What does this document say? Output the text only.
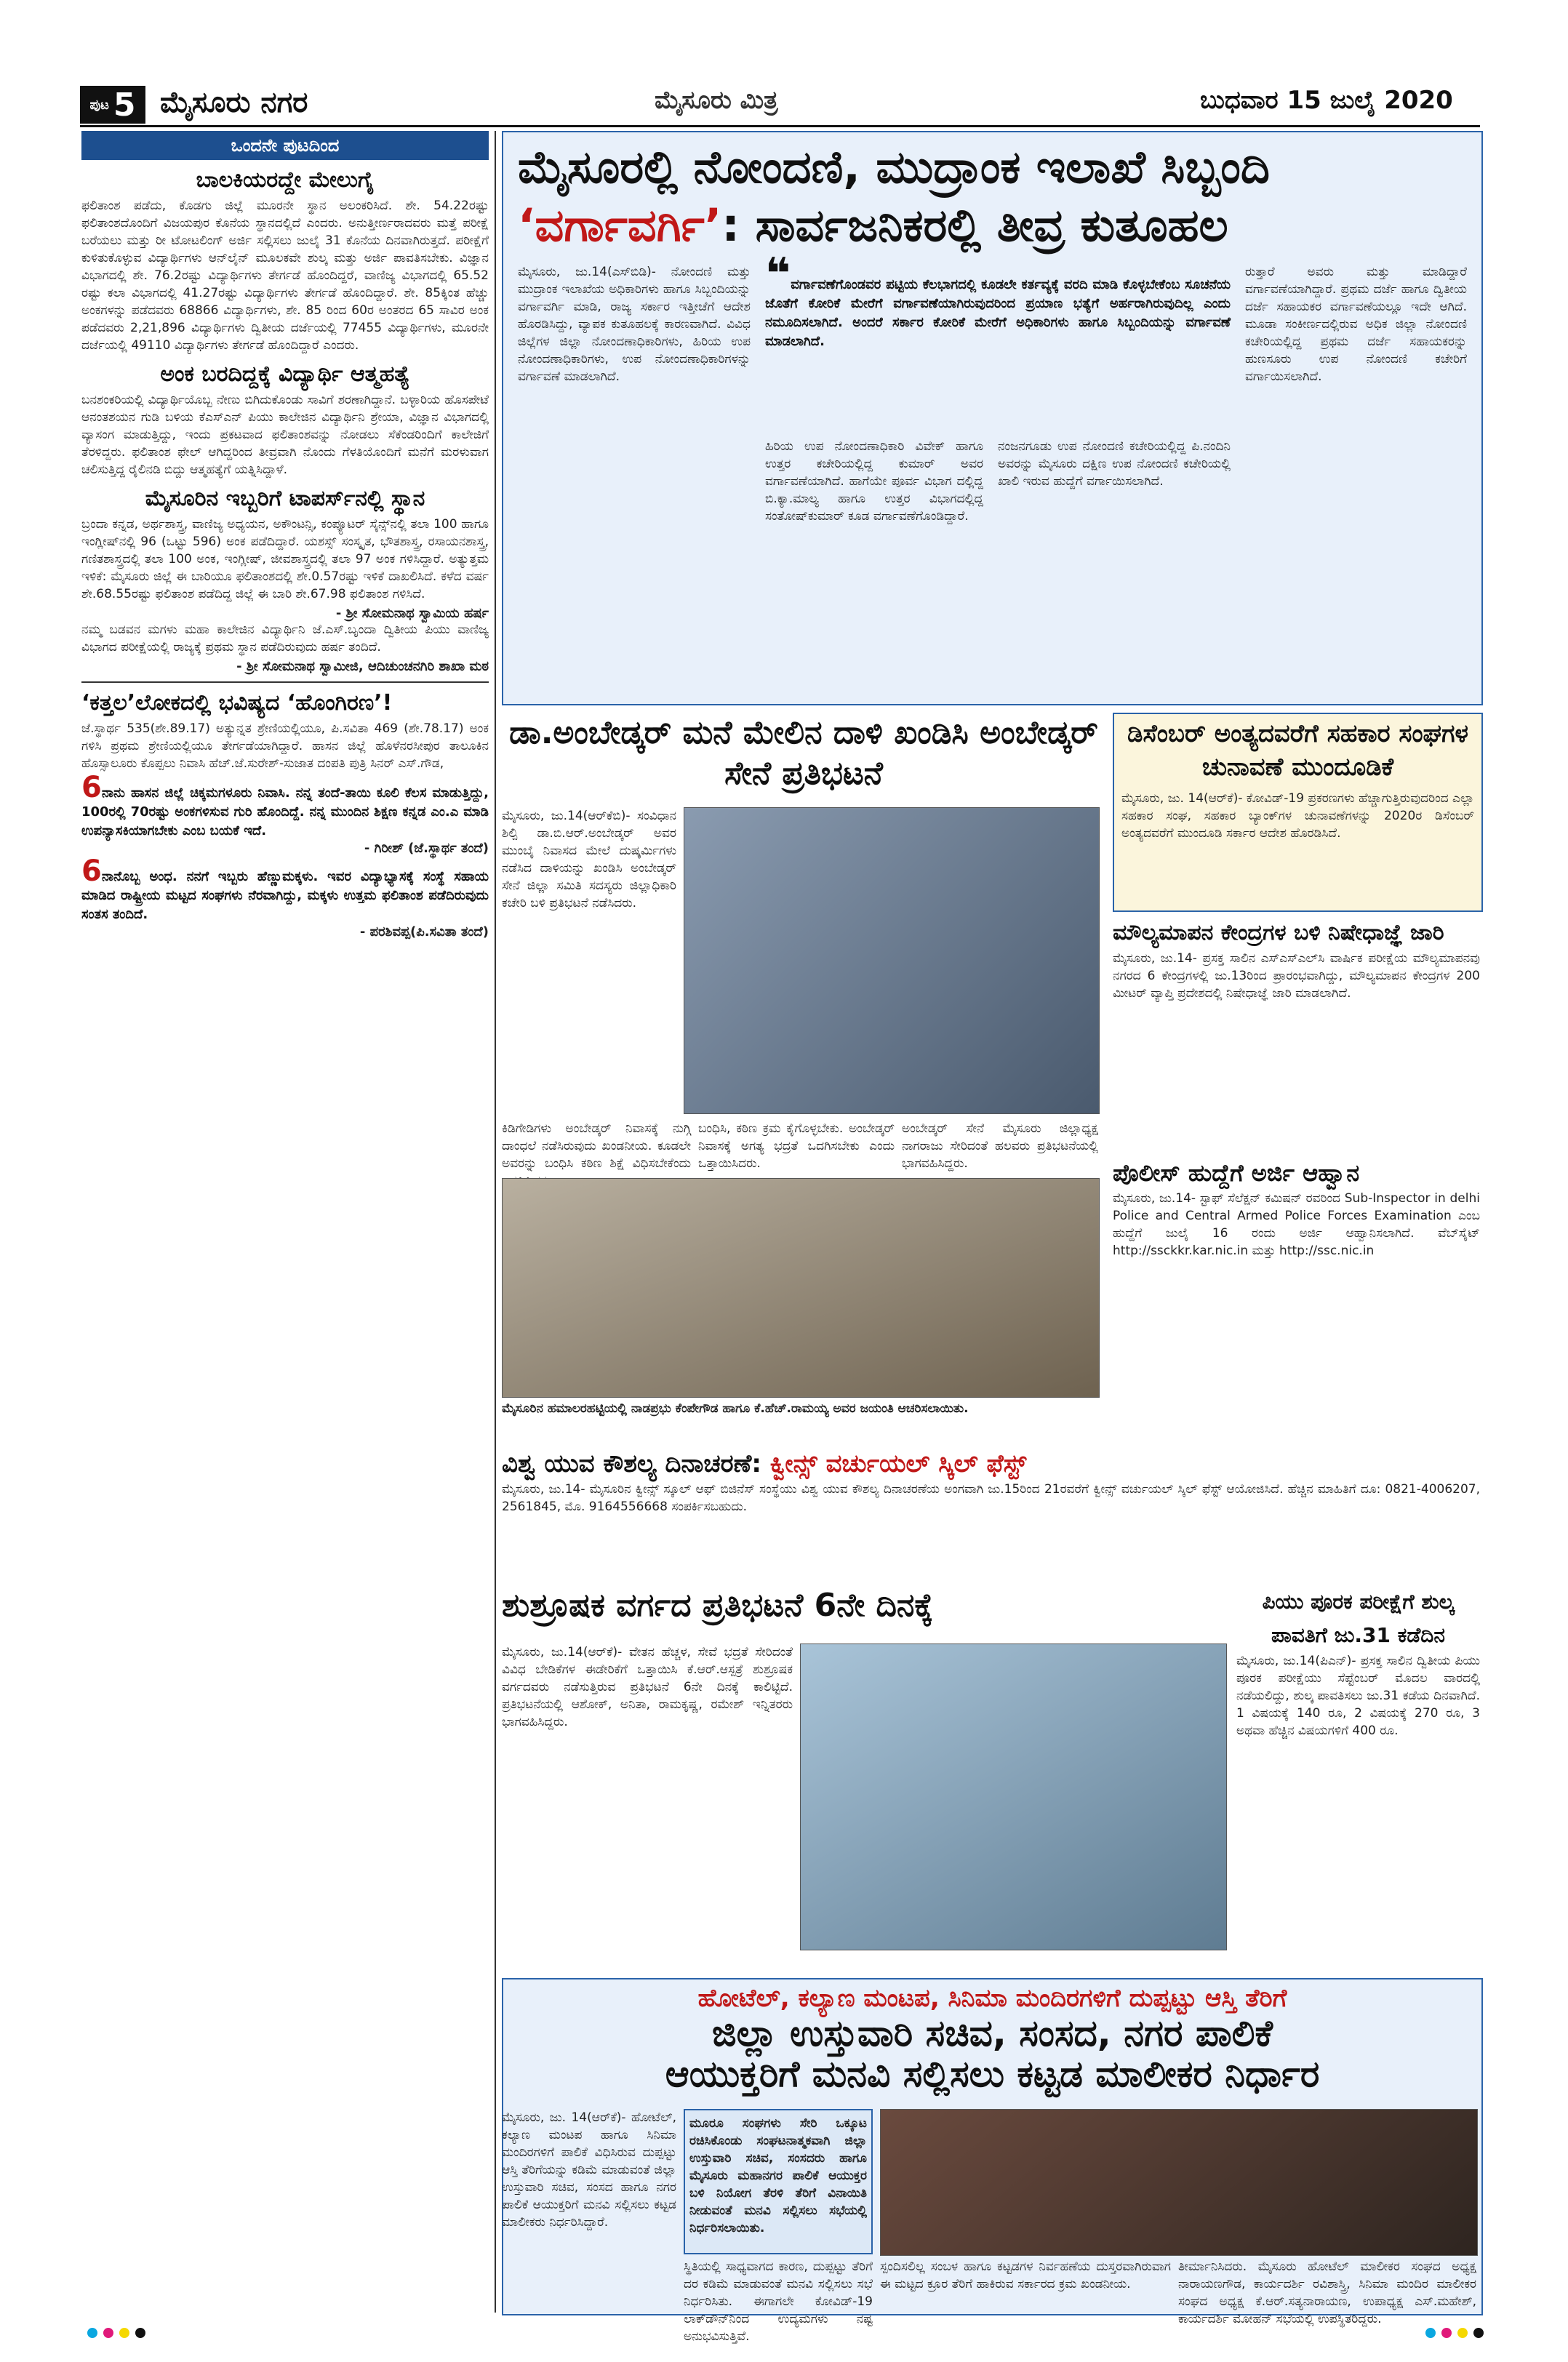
ಪುಟ 5 ಮೈಸೂರು ನಗರ	ಮೈಸೂರು ಮಿತ್ರ	ಬುಧವಾರ 15 ಜುಲೈ 2020
ಒಂದನೇ ಪುಟದಿಂದ
ಬಾಲಕಿಯರದ್ದೇ ಮೇಲುಗೈ

ಫಲಿತಾಂಶ ಪಡೆದು, ಕೊಡಗು ಜಿಲ್ಲೆ ಮೂರನೇ ಸ್ಥಾನ ಅಲಂಕರಿಸಿದೆ. ಶೇ. 54.22ರಷ್ಟು ಫಲಿತಾಂಶದೊಂದಿಗೆ ವಿಜಯಪುರ ಕೊನೆಯ ಸ್ಥಾನದಲ್ಲಿದೆ ಎಂದರು. ಅನುತ್ತೀರ್ಣರಾದವರು ಮತ್ತೆ ಪರೀಕ್ಷೆ ಬರೆಯಲು ಮತ್ತು ರೀ ಟೋಟಲಿಂಗ್ ಅರ್ಜಿ ಸಲ್ಲಿಸಲು ಜುಲೈ 31 ಕೊನೆಯ ದಿನವಾಗಿರುತ್ತದೆ. ಪರೀಕ್ಷೆಗೆ ಕುಳಿತುಕೊಳ್ಳುವ ವಿದ್ಯಾರ್ಥಿಗಳು ಆನ್‌ಲೈನ್ ಮೂಲಕವೇ ಶುಲ್ಕ ಮತ್ತು ಅರ್ಜಿ ಪಾವತಿಸಬೇಕು. ವಿಜ್ಞಾನ ವಿಭಾಗದಲ್ಲಿ ಶೇ. 76.2ರಷ್ಟು ವಿದ್ಯಾರ್ಥಿಗಳು ತೇರ್ಗಡೆ ಹೊಂದಿದ್ದರೆ, ವಾಣಿಜ್ಯ ವಿಭಾಗದಲ್ಲಿ 65.52 ರಷ್ಟು ಕಲಾ ವಿಭಾಗದಲ್ಲಿ 41.27ರಷ್ಟು ವಿದ್ಯಾರ್ಥಿಗಳು ತೇರ್ಗಡೆ ಹೊಂದಿದ್ದಾರೆ. ಶೇ. 85ಕ್ಕಿಂತ ಹೆಚ್ಚು ಅಂಕಗಳನ್ನು ಪಡೆದವರು 68866 ವಿದ್ಯಾರ್ಥಿಗಳು, ಶೇ. 85 ರಿಂದ 60ರ ಅಂತರದ 65 ಸಾವಿರ ಅಂಕ ಪಡೆದವರು 2,21,896 ವಿದ್ಯಾರ್ಥಿಗಳು ದ್ವಿತೀಯ ದರ್ಜೆಯಲ್ಲಿ 77455 ವಿದ್ಯಾರ್ಥಿಗಳು, ಮೂರನೇ ದರ್ಜೆಯಲ್ಲಿ 49110 ವಿದ್ಯಾರ್ಥಿಗಳು ತೇರ್ಗಡೆ ಹೊಂದಿದ್ದಾರೆ ಎಂದರು.

ಅಂಕ ಬರದಿದ್ದಕ್ಕೆ ವಿದ್ಯಾರ್ಥಿ ಆತ್ಮಹತ್ಯೆ

ಬನಶಂಕರಿಯಲ್ಲಿ ವಿದ್ಯಾರ್ಥಿಯೊಬ್ಬ ನೇಣು ಬಿಗಿದುಕೊಂಡು ಸಾವಿಗೆ ಶರಣಾಗಿದ್ದಾನೆ. ಬಳ್ಳಾರಿಯ ಹೊಸಪೇಟೆ ಆನಂತಶಯನ ಗುಡಿ ಬಳಿಯ ಕೆಎಸ್‌ಎನ್ ಪಿಯು ಕಾಲೇಜಿನ ವಿದ್ಯಾರ್ಥಿನಿ ಶ್ರೇಯಾ, ವಿಜ್ಞಾನ ವಿಭಾಗದಲ್ಲಿ ವ್ಯಾಸಂಗ ಮಾಡುತ್ತಿದ್ದು, ಇಂದು ಪ್ರಕಟವಾದ ಫಲಿತಾಂಶವನ್ನು ನೋಡಲು ಸೆಕೆಂಡರಿಂದಿಗೆ ಕಾಲೇಜಿಗೆ ತೆರಳಿದ್ದರು. ಫಲಿತಾಂಶ ಫೇಲ್ ಆಗಿದ್ದರಿಂದ ತೀವ್ರವಾಗಿ ನೊಂದು ಗೆಳತಿಯೊಂದಿಗೆ ಮನೆಗೆ ಮರಳುವಾಗ ಚಲಿಸುತ್ತಿದ್ದ ರೈಲಿನಡಿ ಬಿದ್ದು ಆತ್ಮಹತ್ಯೆಗೆ ಯತ್ನಿಸಿದ್ದಾಳೆ.

ಮೈಸೂರಿನ ಇಬ್ಬರಿಗೆ ಟಾಪರ್ಸ್‌ನಲ್ಲಿ ಸ್ಥಾನ

ಬ್ರಂದಾ ಕನ್ನಡ, ಅರ್ಥಶಾಸ್ತ್ರ, ವಾಣಿಜ್ಯ ಅಧ್ಯಯನ, ಅಕೌಂಟನ್ಸಿ, ಕಂಪ್ಯೂಟರ್ ಸೈನ್ಸ್‌ನಲ್ಲಿ ತಲಾ 100 ಹಾಗೂ ಇಂಗ್ಲೀಷ್‌ನಲ್ಲಿ 96 (ಒಟ್ಟು 596) ಅಂಕ ಪಡೆದಿದ್ದಾರೆ. ಯಶಸ್ಸ್ ಸಂಸ್ಕೃತ, ಭೌತಶಾಸ್ತ್ರ, ರಸಾಯನಶಾಸ್ತ್ರ, ಗಣಿತಶಾಸ್ತ್ರದಲ್ಲಿ ತಲಾ 100 ಅಂಕ, ಇಂಗ್ಲೀಷ್, ಜೀವಶಾಸ್ತ್ರದಲ್ಲಿ ತಲಾ 97 ಅಂಕ ಗಳಿಸಿದ್ದಾರೆ. ಅತ್ಯುತ್ತಮ ಇಳಿಕೆ: ಮೈಸೂರು ಜಿಲ್ಲೆ ಈ ಬಾರಿಯೂ ಫಲಿತಾಂಶದಲ್ಲಿ ಶೇ.0.57ರಷ್ಟು ಇಳಿಕೆ ದಾಖಲಿಸಿದೆ. ಕಳೆದ ವರ್ಷ ಶೇ.68.55ರಷ್ಟು ಫಲಿತಾಂಶ ಪಡೆದಿದ್ದ ಜಿಲ್ಲೆ ಈ ಬಾರಿ ಶೇ.67.98 ಫಲಿತಾಂಶ ಗಳಿಸಿದೆ.

- ಶ್ರೀ ಸೋಮನಾಥ ಸ್ವಾಮಿಯ ಹರ್ಷ

ನಮ್ಮ ಬಡವನ ಮಗಳು ಮಹಾ ಕಾಲೇಜಿನ ವಿದ್ಯಾರ್ಥಿನಿ ಜೆ.ಎಸ್.ಬೃಂದಾ ದ್ವಿತೀಯ ಪಿಯು ವಾಣಿಜ್ಯ ವಿಭಾಗದ ಪರೀಕ್ಷೆಯಲ್ಲಿ ರಾಜ್ಯಕ್ಕೆ ಪ್ರಥಮ ಸ್ಥಾನ ಪಡೆದಿರುವುದು ಹರ್ಷ ತಂದಿದೆ.

- ಶ್ರೀ ಸೋಮನಾಥ ಸ್ವಾಮೀಜಿ, ಆದಿಚುಂಚನಗಿರಿ ಶಾಖಾ ಮಠ
‘ಕತ್ತಲ’ಲೋಕದಲ್ಲಿ ಭವಿಷ್ಯದ ‘ಹೊಂಗಿರಣ’!

ಜೆ.ಸ್ಥಾರ್ಥ 535(ಶೇ.89.17) ಅತ್ಯುನ್ನತ ಶ್ರೇಣಿಯಲ್ಲಿಯೂ, ಪಿ.ಸವಿತಾ 469 (ಶೇ.78.17) ಅಂಕ ಗಳಿಸಿ ಪ್ರಥಮ ಶ್ರೇಣಿಯಲ್ಲಿಯೂ ತೇರ್ಗಡೆಯಾಗಿದ್ದಾರೆ. ಹಾಸನ ಜಿಲ್ಲೆ ಹೊಳೆನರಸೀಪುರ ತಾಲೂಕಿನ ಹೊಸ್ಸಾಲೂರು ಕೊಪ್ಪಲು ನಿವಾಸಿ ಹೆಚ್.ಜೆ.ಸುರೇಶ್-ಸುಜಾತ ದಂಪತಿ ಪುತ್ರಿ ಸಿನರ್ ಎಸ್.ಗೌಡ,

6ನಾನು ಹಾಸನ ಜಿಲ್ಲೆ ಚಿಕ್ಕಮಗಳೂರು ನಿವಾಸಿ. ನನ್ನ ತಂದೆ-ತಾಯಿ ಕೂಲಿ ಕೆಲಸ ಮಾಡುತ್ತಿದ್ದು, 100ರಲ್ಲಿ 70ರಷ್ಟು ಅಂಕಗಳಿಸುವ ಗುರಿ ಹೊಂದಿದ್ದೆ. ನನ್ನ ಮುಂದಿನ ಶಿಕ್ಷಣ ಕನ್ನಡ ಎಂ.ಎ ಮಾಡಿ ಉಪನ್ಯಾಸಕಿಯಾಗಬೇಕು ಎಂಬ ಬಯಕೆ ಇದೆ.
- ಗಿರೀಶ್ (ಜೆ.ಸ್ಥಾರ್ಥ ತಂದೆ)
6ನಾನೊಬ್ಬ ಅಂಧ. ನನಗೆ ಇಬ್ಬರು ಹೆಣ್ಣುಮಕ್ಕಳು. ಇವರ ವಿದ್ಯಾಭ್ಯಾಸಕ್ಕೆ ಸಂಸ್ಥೆ ಸಹಾಯ ಮಾಡಿದ ರಾಷ್ಟ್ರೀಯ ಮಟ್ಟದ ಸಂಘಗಳು ನೆರವಾಗಿದ್ದು, ಮಕ್ಕಳು ಉತ್ತಮ ಫಲಿತಾಂಶ ಪಡೆದಿರುವುದು ಸಂತಸ ತಂದಿದೆ.
- ಪರಶಿವಪ್ಪ(ಪಿ.ಸವಿತಾ ತಂದೆ)
ಮೈಸೂರಲ್ಲಿ ನೋಂದಣಿ, ಮುದ್ರಾಂಕ ಇಲಾಖೆ ಸಿಬ್ಬಂದಿ
‘ವರ್ಗಾವರ್ಗಿ’: ಸಾರ್ವಜನಿಕರಲ್ಲಿ ತೀವ್ರ ಕುತೂಹಲ
ಮೈಸೂರು, ಜು.14(ಎಸ್‌ಬಿಡಿ)- ನೋಂದಣಿ ಮತ್ತು ಮುದ್ರಾಂಕ ಇಲಾಖೆಯ ಅಧಿಕಾರಿಗಳು ಹಾಗೂ ಸಿಬ್ಬಂದಿಯನ್ನು ವರ್ಗಾವರ್ಗಿ ಮಾಡಿ, ರಾಜ್ಯ ಸರ್ಕಾರ ಇತ್ತೀಚೆಗೆ ಆದೇಶ ಹೊರಡಿಸಿದ್ದು, ವ್ಯಾಪಕ ಕುತೂಹಲಕ್ಕೆ ಕಾರಣವಾಗಿದೆ. ವಿವಿಧ ಜಿಲ್ಲೆಗಳ ಜಿಲ್ಲಾ ನೋಂದಣಾಧಿಕಾರಿಗಳು, ಹಿರಿಯ ಉಪ ನೋಂದಣಾಧಿಕಾರಿಗಳು, ಉಪ ನೋಂದಣಾಧಿಕಾರಿಗಳನ್ನು ವರ್ಗಾವಣೆ ಮಾಡಲಾಗಿದೆ.
❝ವರ್ಗಾವಣೆಗೊಂಡವರ ಪಟ್ಟಿಯ ಕೆಲಭಾಗದಲ್ಲಿ ಕೂಡಲೇ ಕರ್ತವ್ಯಕ್ಕೆ ವರದಿ ಮಾಡಿ ಕೊಳ್ಳಬೇಕೆಂಬ ಸೂಚನೆಯ ಜೊತೆಗೆ ಕೋರಿಕೆ ಮೇರೆಗೆ ವರ್ಗಾವಣೆಯಾಗಿರುವುದರಿಂದ ಪ್ರಯಾಣ ಭತ್ಯೆಗೆ ಅರ್ಹರಾಗಿರುವುದಿಲ್ಲ ಎಂದು ನಮೂದಿಸಲಾಗಿದೆ. ಅಂದರೆ ಸರ್ಕಾರ ಕೋರಿಕೆ ಮೇರೆಗೆ ಅಧಿಕಾರಿಗಳು ಹಾಗೂ ಸಿಬ್ಬಂದಿಯನ್ನು ವರ್ಗಾವಣೆ ಮಾಡಲಾಗಿದೆ.
ಹಿರಿಯ ಉಪ ನೋಂದಣಾಧಿಕಾರಿ ವಿವೇಕ್ ಹಾಗೂ ಉತ್ತರ ಕಚೇರಿಯಲ್ಲಿದ್ದ ಕುಮಾರ್ ಅವರ ವರ್ಗಾವಣೆಯಾಗಿದೆ. ಹಾಗೆಯೇ ಪೂರ್ವ ವಿಭಾಗ ದಲ್ಲಿದ್ದ ಬಿ.ಕ್ಯಾ.ಮಾಲ್ಯ ಹಾಗೂ ಉತ್ತರ ವಿಭಾಗದಲ್ಲಿದ್ದ ಸಂತೋಷ್‌ಕುಮಾರ್ ಕೂಡ ವರ್ಗಾವಣೆಗೊಂಡಿದ್ದಾರೆ.
ನಂಜನಗೂಡು ಉಪ ನೋಂದಣಿ ಕಚೇರಿಯಲ್ಲಿದ್ದ ಪಿ.ನಂದಿನಿ ಅವರನ್ನು ಮೈಸೂರು ದಕ್ಷಿಣ ಉಪ ನೋಂದಣಿ ಕಚೇರಿಯಲ್ಲಿ ಖಾಲಿ ಇರುವ ಹುದ್ದೆಗೆ ವರ್ಗಾಯಿಸಲಾಗಿದೆ.
ರುತ್ತಾರೆ ಅವರು ಮತ್ತು ಮಾಡಿದ್ದಾರೆ ವರ್ಗಾವಣೆಯಾಗಿದ್ದಾರೆ. ಪ್ರಥಮ ದರ್ಜೆ ಹಾಗೂ ದ್ವಿತೀಯ ದರ್ಜೆ ಸಹಾಯಕರ ವರ್ಗಾವಣೆಯಲ್ಲೂ ಇದೇ ಆಗಿದೆ. ಮೂಡಾ ಸಂಕೀರ್ಣದಲ್ಲಿರುವ ಅಧಿಕ ಜಿಲ್ಲಾ ನೋಂದಣಿ ಕಚೇರಿಯಲ್ಲಿದ್ದ ಪ್ರಥಮ ದರ್ಜೆ ಸಹಾಯಕರನ್ನು ಹುಣಸೂರು ಉಪ ನೋಂದಣಿ ಕಚೇರಿಗೆ ವರ್ಗಾಯಿಸಲಾಗಿದೆ.
ಡಾ.ಅಂಬೇಡ್ಕರ್ ಮನೆ ಮೇಲಿನ ದಾಳಿ ಖಂಡಿಸಿ ಅಂಬೇಡ್ಕರ್ ಸೇನೆ ಪ್ರತಿಭಟನೆ
ಮೈಸೂರು, ಜು.14(ಆರ್‌ಕೆಬಿ)- ಸಂವಿಧಾನ ಶಿಲ್ಪಿ ಡಾ.ಬಿ.ಆರ್.ಅಂಬೇಡ್ಕರ್ ಅವರ ಮುಂಬೈ ನಿವಾಸದ ಮೇಲೆ ದುಷ್ಕರ್ಮಿಗಳು ನಡೆಸಿದ ದಾಳಿಯನ್ನು ಖಂಡಿಸಿ ಅಂಬೇಡ್ಕರ್ ಸೇನೆ ಜಿಲ್ಲಾ ಸಮಿತಿ ಸದಸ್ಯರು ಜಿಲ್ಲಾಧಿಕಾರಿ ಕಚೇರಿ ಬಳಿ ಪ್ರತಿಭಟನೆ ನಡೆಸಿದರು.
ಕಿಡಿಗೇಡಿಗಳು ಅಂಬೇಡ್ಕರ್ ನಿವಾಸಕ್ಕೆ ನುಗ್ಗಿ ದಾಂಧಲೆ ನಡೆಸಿರುವುದು ಖಂಡನೀಯ. ಕೂಡಲೇ ಅವರನ್ನು ಬಂಧಿಸಿ ಕಠಿಣ ಶಿಕ್ಷೆ ವಿಧಿಸಬೇಕೆಂದು
ಬಂಧಿಸಿ, ಕಠಿಣ ಕ್ರಮ ಕೈಗೊಳ್ಳಬೇಕು. ಅಂಬೇಡ್ಕರ್ ನಿವಾಸಕ್ಕೆ ಅಗತ್ಯ ಭದ್ರತೆ ಒದಗಿಸಬೇಕು ಎಂದು ಒತ್ತಾಯಿಸಿದರು.
ಅಂಬೇಡ್ಕರ್ ಸೇನೆ ಮೈಸೂರು ಜಿಲ್ಲಾಧ್ಯಕ್ಷ ನಾಗರಾಜು ಸೇರಿದಂತೆ ಹಲವರು ಪ್ರತಿಭಟನೆಯಲ್ಲಿ ಭಾಗವಹಿಸಿದ್ದರು.
ಮೈಸೂರಿನ ಹಮಾಲರಹಟ್ಟಿಯಲ್ಲಿ ನಾಡಪ್ರಭು ಕೆಂಪೇಗೌಡ ಹಾಗೂ ಕೆ.ಹೆಚ್.ರಾಮಯ್ಯ ಅವರ ಜಯಂತಿ ಆಚರಿಸಲಾಯಿತು.
ಡಿಸೆಂಬರ್ ಅಂತ್ಯದವರೆಗೆ ಸಹಕಾರ ಸಂಘಗಳ ಚುನಾವಣೆ ಮುಂದೂಡಿಕೆ
ಮೈಸೂರು, ಜು. 14(ಆರ್‌ಕೆ)- ಕೋವಿಡ್-19 ಪ್ರಕರಣಗಳು ಹೆಚ್ಚಾಗುತ್ತಿರುವುದರಿಂದ ಎಲ್ಲಾ ಸಹಕಾರ ಸಂಘ, ಸಹಕಾರ ಬ್ಯಾಂಕ್‌ಗಳ ಚುನಾವಣೆಗಳನ್ನು 2020ರ ಡಿಸೆಂಬರ್ ಅಂತ್ಯದವರೆಗೆ ಮುಂದೂಡಿ ಸರ್ಕಾರ ಆದೇಶ ಹೊರಡಿಸಿದೆ.
ಮೌಲ್ಯಮಾಪನ ಕೇಂದ್ರಗಳ ಬಳಿ ನಿಷೇಧಾಜ್ಞೆ ಜಾರಿ
ಮೈಸೂರು, ಜು.14- ಪ್ರಸಕ್ತ ಸಾಲಿನ ಎಸ್‌ಎಸ್‌ಎಲ್‌ಸಿ ವಾರ್ಷಿಕ ಪರೀಕ್ಷೆಯ ಮೌಲ್ಯಮಾಪನವು ನಗರದ 6 ಕೇಂದ್ರಗಳಲ್ಲಿ ಜು.13ರಿಂದ ಪ್ರಾರಂಭವಾಗಿದ್ದು, ಮೌಲ್ಯಮಾಪನ ಕೇಂದ್ರಗಳ 200 ಮೀಟರ್ ವ್ಯಾಪ್ತಿ ಪ್ರದೇಶದಲ್ಲಿ ನಿಷೇಧಾಜ್ಞೆ ಜಾರಿ ಮಾಡಲಾಗಿದೆ.
ಪೊಲೀಸ್ ಹುದ್ದೆಗೆ ಅರ್ಜಿ ಆಹ್ವಾನ
ಮೈಸೂರು, ಜು.14- ಸ್ಟಾಫ್ ಸೆಲೆಕ್ಷನ್ ಕಮಿಷನ್ ರವರಿಂದ Sub-Inspector in delhi Police and Central Armed Police Forces Examination ಎಂಬ ಹುದ್ದೆಗೆ ಜುಲೈ 16 ರಂದು ಅರ್ಜಿ ಆಹ್ವಾನಿಸಲಾಗಿದೆ. ವೆಬ್‌ಸೈಟ್ http://ssckkr.kar.nic.in ಮತ್ತು http://ssc.nic.in
ವಿಶ್ವ ಯುವ ಕೌಶಲ್ಯ ದಿನಾಚರಣೆ: ಕ್ವೀನ್ಸ್ ವರ್ಚುಯಲ್ ಸ್ಕಿಲ್ ಫೆಸ್ಟ್
ಮೈಸೂರು, ಜು.14- ಮೈಸೂರಿನ ಕ್ವೀನ್ಸ್ ಸ್ಕೂಲ್ ಆಫ್ ಬಿಜಿನೆಸ್ ಸಂಸ್ಥೆಯು ವಿಶ್ವ ಯುವ ಕೌಶಲ್ಯ ದಿನಾಚರಣೆಯ ಅಂಗವಾಗಿ ಜು.15ರಿಂದ 21ರವರೆಗೆ ಕ್ವೀನ್ಸ್ ವರ್ಚುಯಲ್ ಸ್ಕಿಲ್ ಫೆಸ್ಟ್ ಆಯೋಜಿಸಿದೆ. ಹೆಚ್ಚಿನ ಮಾಹಿತಿಗೆ ದೂ: 0821-4006207, 2561845, ಮೊ. 9164556668 ಸಂಪರ್ಕಿಸಬಹುದು.
ಶುಶ್ರೂಷಕ ವರ್ಗದ ಪ್ರತಿಭಟನೆ 6ನೇ ದಿನಕ್ಕೆ
ಮೈಸೂರು, ಜು.14(ಆರ್‌ಕೆ)- ವೇತನ ಹೆಚ್ಚಳ, ಸೇವೆ ಭದ್ರತೆ ಸೇರಿದಂತೆ ವಿವಿಧ ಬೇಡಿಕೆಗಳ ಈಡೇರಿಕೆಗೆ ಒತ್ತಾಯಿಸಿ ಕೆ.ಆರ್.ಆಸ್ಪತ್ರೆ ಶುಶ್ರೂಷಕ ವರ್ಗದವರು ನಡೆಸುತ್ತಿರುವ ಪ್ರತಿಭಟನೆ 6ನೇ ದಿನಕ್ಕೆ ಕಾಲಿಟ್ಟಿದೆ. ಪ್ರತಿಭಟನೆಯಲ್ಲಿ ಆಶೋಕ್, ಅನಿತಾ, ರಾಮಕೃಷ್ಣ, ರಮೇಶ್ ಇನ್ನಿತರರು ಭಾಗವಹಿಸಿದ್ದರು.
ಪಿಯು ಪೂರಕ ಪರೀಕ್ಷೆಗೆ ಶುಲ್ಕ ಪಾವತಿಗೆ ಜು.31 ಕಡೆದಿನ
ಮೈಸೂರು, ಜು.14(ಪಿಎನ್)- ಪ್ರಸಕ್ತ ಸಾಲಿನ ದ್ವಿತೀಯ ಪಿಯು ಪೂರಕ ಪರೀಕ್ಷೆಯು ಸೆಪ್ಟೆಂಬರ್ ಮೊದಲ ವಾರದಲ್ಲಿ ನಡೆಯಲಿದ್ದು, ಶುಲ್ಕ ಪಾವತಿಸಲು ಜು.31 ಕಡೆಯ ದಿನವಾಗಿದೆ. 1 ವಿಷಯಕ್ಕೆ 140 ರೂ, 2 ವಿಷಯಕ್ಕೆ 270 ರೂ, 3 ಅಥವಾ ಹೆಚ್ಚಿನ ವಿಷಯಗಳಿಗೆ 400 ರೂ.
ಹೋಟೆಲ್, ಕಲ್ಯಾಣ ಮಂಟಪ, ಸಿನಿಮಾ ಮಂದಿರಗಳಿಗೆ ದುಪ್ಪಟ್ಟು ಆಸ್ತಿ ತೆರಿಗೆ
ಜಿಲ್ಲಾ ಉಸ್ತುವಾರಿ ಸಚಿವ, ಸಂಸದ, ನಗರ ಪಾಲಿಕೆ
ಆಯುಕ್ತರಿಗೆ ಮನವಿ ಸಲ್ಲಿಸಲು ಕಟ್ಟಡ ಮಾಲೀಕರ ನಿರ್ಧಾರ
ಮೈಸೂರು, ಜು. 14(ಆರ್‌ಕೆ)- ಹೋಟೆಲ್, ಕಲ್ಯಾಣ ಮಂಟಪ ಹಾಗೂ ಸಿನಿಮಾ ಮಂದಿರಗಳಿಗೆ ಪಾಲಿಕೆ ವಿಧಿಸಿರುವ ದುಪ್ಪಟ್ಟು ಆಸ್ತಿ ತೆರಿಗೆಯನ್ನು ಕಡಿಮೆ ಮಾಡುವಂತೆ ಜಿಲ್ಲಾ ಉಸ್ತುವಾರಿ ಸಚಿವ, ಸಂಸದ ಹಾಗೂ ನಗರ ಪಾಲಿಕೆ ಆಯುಕ್ತರಿಗೆ ಮನವಿ ಸಲ್ಲಿಸಲು ಕಟ್ಟಡ ಮಾಲೀಕರು ನಿರ್ಧರಿಸಿದ್ದಾರೆ.
ಮೂರೂ ಸಂಘಗಳು ಸೇರಿ ಒಕ್ಕೂಟ ರಚಿಸಿಕೊಂಡು ಸಂಘಟನಾತ್ಮಕವಾಗಿ ಜಿಲ್ಲಾ ಉಸ್ತುವಾರಿ ಸಚಿವ, ಸಂಸದರು ಹಾಗೂ ಮೈಸೂರು ಮಹಾನಗರ ಪಾಲಿಕೆ ಆಯುಕ್ತರ ಬಳಿ ನಿಯೋಗ ತೆರಳಿ ತೆರಿಗೆ ವಿನಾಯಿತಿ ನೀಡುವಂತೆ ಮನವಿ ಸಲ್ಲಿಸಲು ಸಭೆಯಲ್ಲಿ ನಿರ್ಧರಿಸಲಾಯಿತು.
ಸ್ಥಿತಿಯಲ್ಲಿ ಸಾಧ್ಯವಾಗದ ಕಾರಣ, ದುಪ್ಪಟ್ಟು ತೆರಿಗೆ ದರ ಕಡಿಮೆ ಮಾಡುವಂತೆ ಮನವಿ ಸಲ್ಲಿಸಲು ಸಭೆ ನಿರ್ಧರಿಸಿತು. ಈಗಾಗಲೇ ಕೋವಿಡ್-19 ಲಾಕ್‌ಡೌನ್‌ನಿಂದ ಉದ್ಯಮಗಳು ನಷ್ಟ ಅನುಭವಿಸುತ್ತಿವೆ.
ಸ್ಪಂದಿಸಲಿಲ್ಲ ಸಂಬಳ ಹಾಗೂ ಕಟ್ಟಡಗಳ ನಿರ್ವಹಣೆಯ ದುಸ್ತರವಾಗಿರುವಾಗ ಈ ಮಟ್ಟದ ಕ್ರೂರ ತೆರಿಗೆ ಹಾಕಿರುವ ಸರ್ಕಾರದ ಕ್ರಮ ಖಂಡನೀಯ.
ತೀರ್ಮಾನಿಸಿದರು. ಮೈಸೂರು ಹೋಟೆಲ್ ಮಾಲೀಕರ ಸಂಘದ ಅಧ್ಯಕ್ಷ ನಾರಾಯಣಗೌಡ, ಕಾರ್ಯದರ್ಶಿ ರವಿಶಾಸ್ತ್ರಿ, ಸಿನಿಮಾ ಮಂದಿರ ಮಾಲೀಕರ ಸಂಘದ ಅಧ್ಯಕ್ಷ ಕೆ.ಆರ್.ಸತ್ಯನಾರಾಯಣ, ಉಪಾಧ್ಯಕ್ಷ ಎಸ್.ಮಹೇಶ್, ಕಾರ್ಯದರ್ಶಿ ಮೋಹನ್ ಸಭೆಯಲ್ಲಿ ಉಪಸ್ಥಿತರಿದ್ದರು.
